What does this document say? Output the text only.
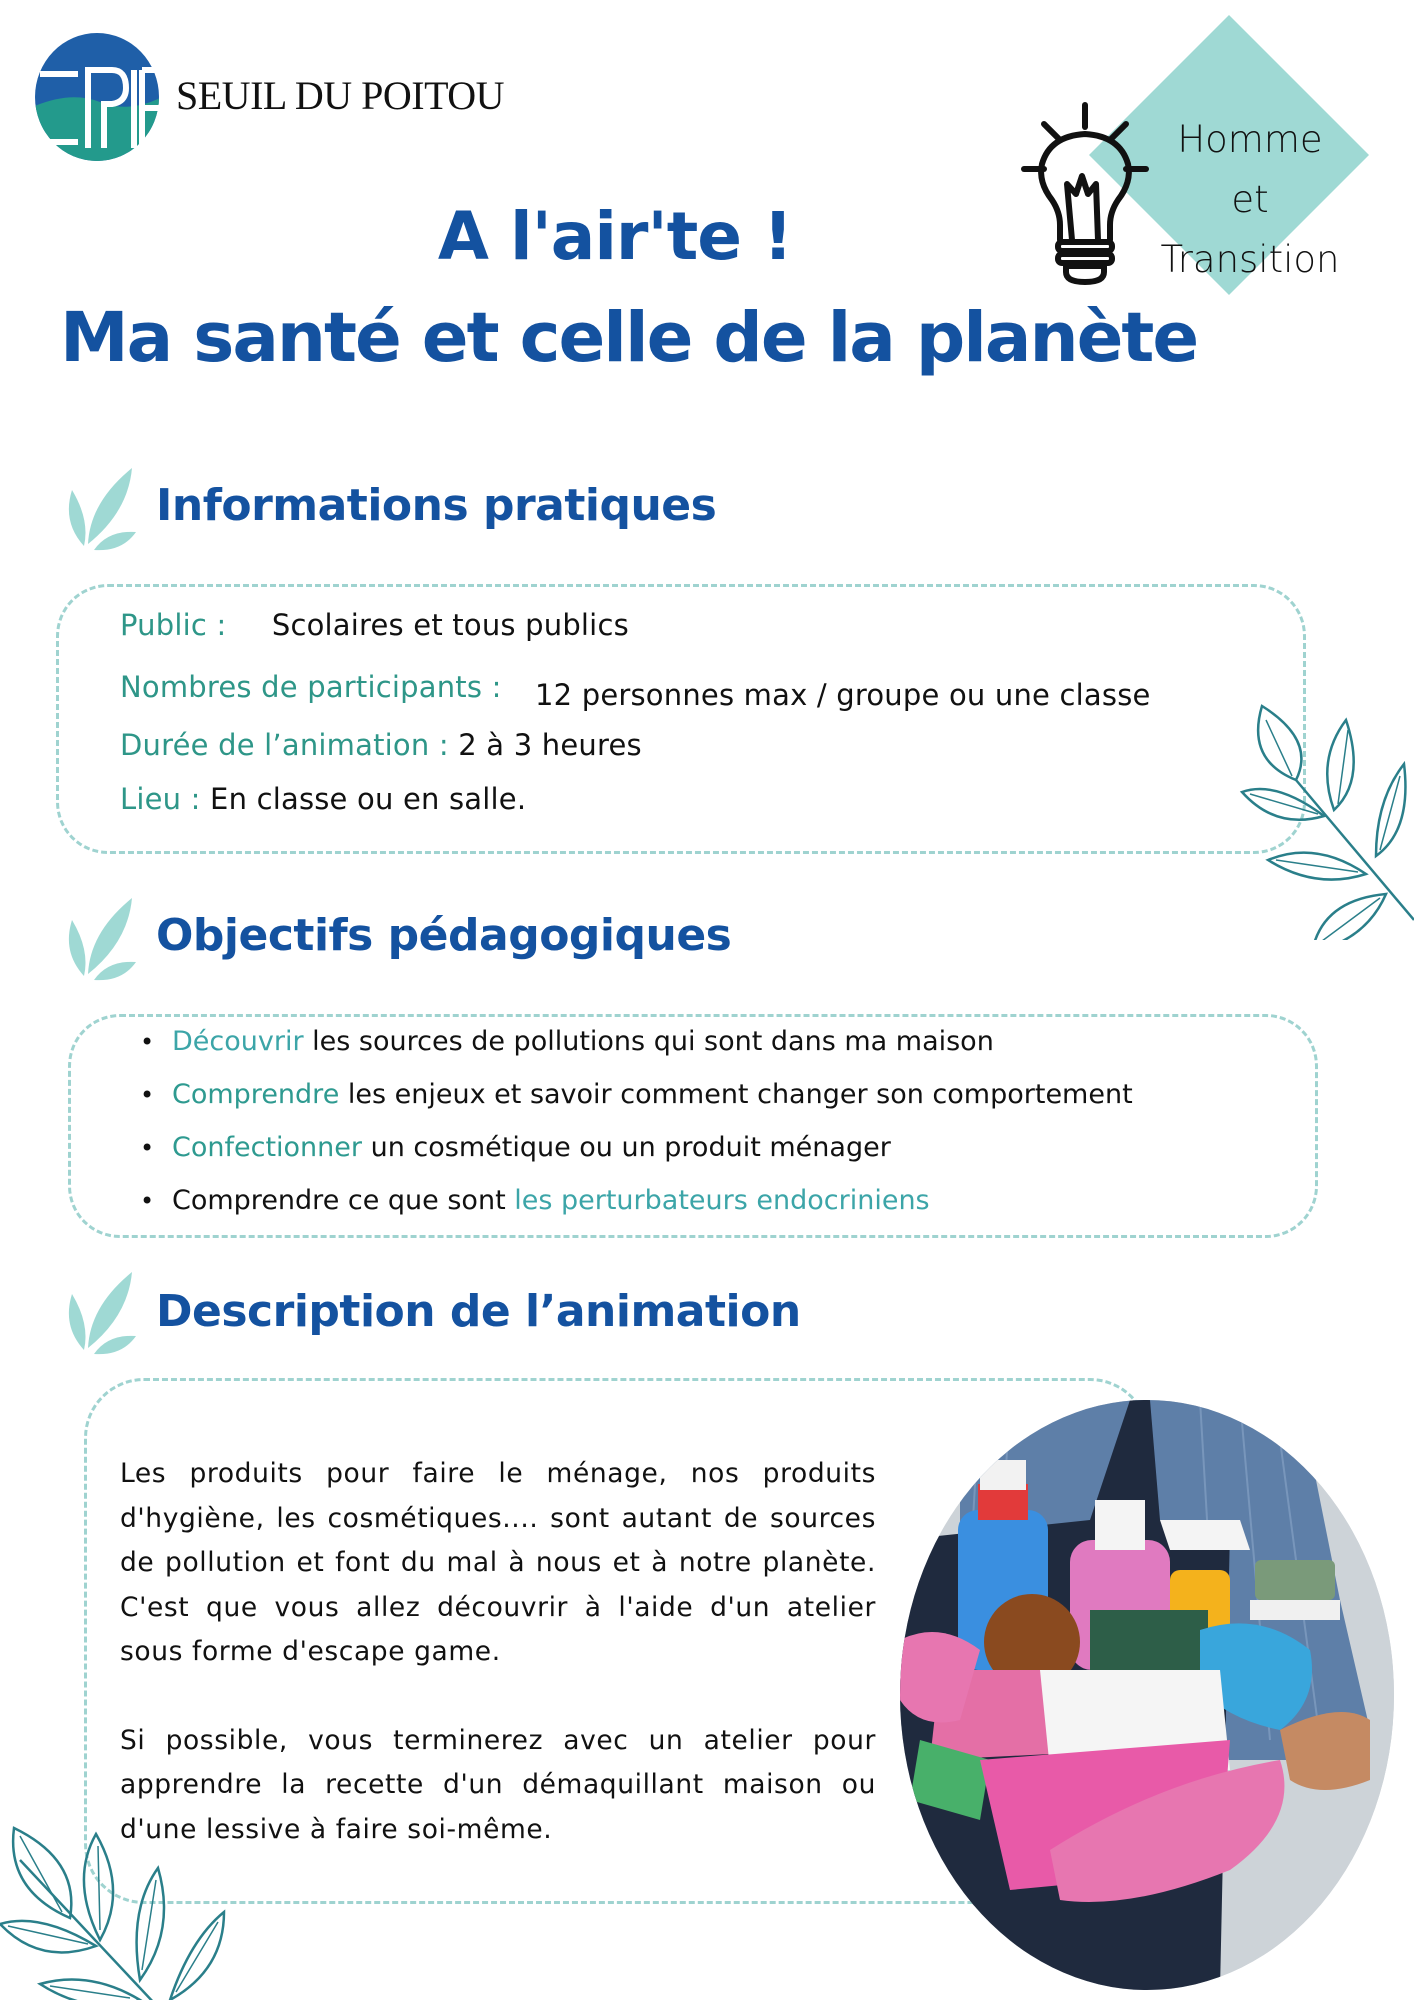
SEUIL DU POITOU
Homme
et
Transition
A l'air'te !
Ma santé et celle de la planète
Informations pratiques
Public : Scolaires et tous publics
Nombres de participants : 12 personnes max / groupe ou une classe
Durée de l’animation : 2 à 3 heures
Lieu : En classe ou en salle.
Objectifs pédagogiques
• Découvrir les sources de pollutions qui sont dans ma maison
• Comprendre les enjeux et savoir comment changer son comportement
• Confectionner un cosmétique ou un produit ménager
• Comprendre ce que sont les perturbateurs endocriniens
Description de l’animation

Les produits pour faire le ménage, nos produits d'hygiène, les cosmétiques.... sont autant de sources de pollution et font du mal à nous et à notre planète. C'est que vous allez découvrir à l'aide d'un atelier sous forme d'escape game.

Si possible, vous terminerez avec un atelier pour apprendre la recette d'un démaquillant maison ou d'une lessive à faire soi-même.
